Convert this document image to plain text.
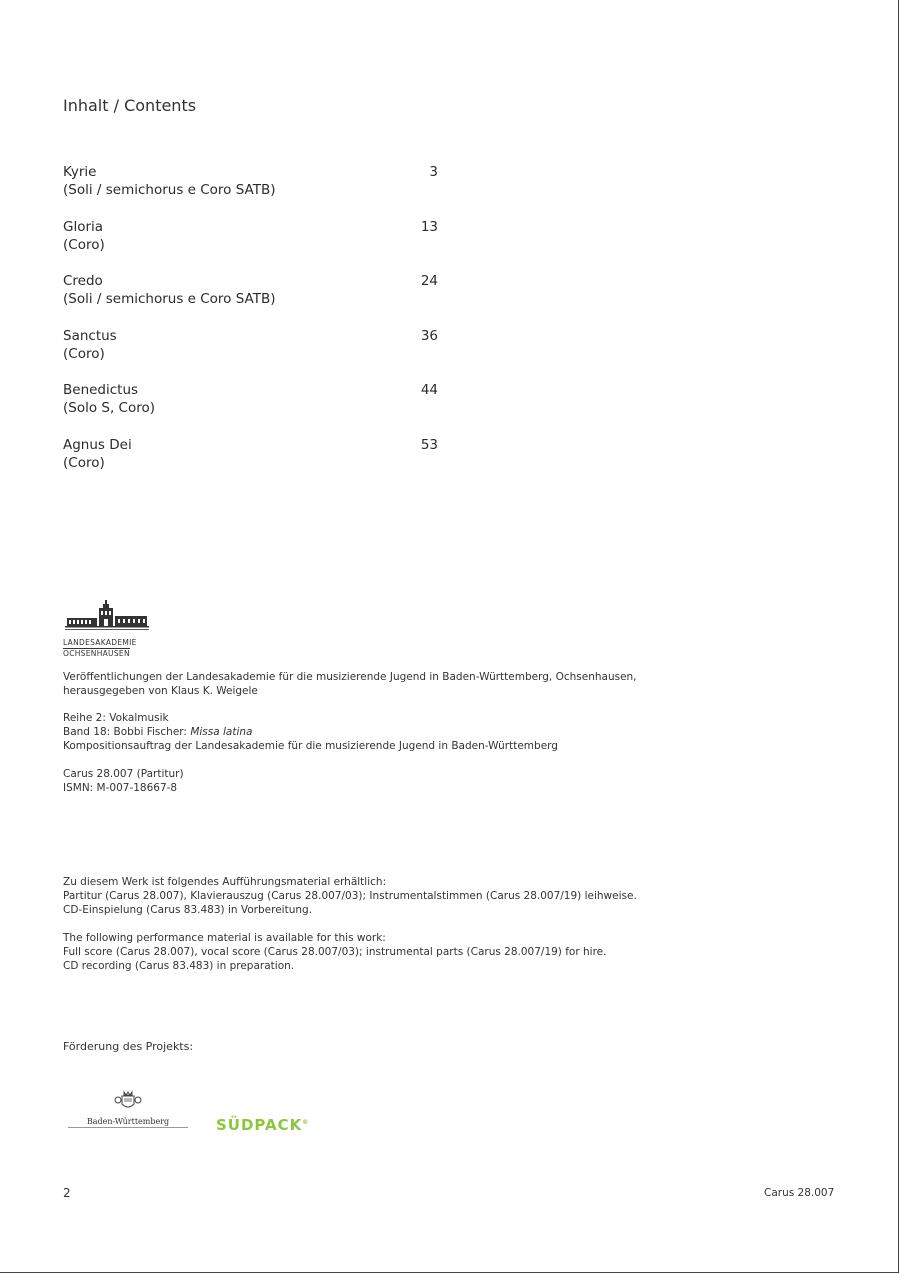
Inhalt / Contents
Kyrie
(Soli / semichorus e Coro SATB)
3
Gloria
(Coro)
13
Credo
(Soli / semichorus e Coro SATB)
24
Sanctus
(Coro)
36
Benedictus
(Solo S, Coro)
44
Agnus Dei
(Coro)
53
LANDESAKADEMIE
OCHSENHAUSEN
Veröffentlichungen der Landesakademie für die musizierende Jugend in Baden-Württemberg, Ochsenhausen,
herausgegeben von Klaus K. Weigele
Reihe 2: Vokalmusik
Band 18: Bobbi Fischer: Missa latina
Kompositionsauftrag der Landesakademie für die musizierende Jugend in Baden-Württemberg
Carus 28.007 (Partitur)
ISMN: M-007-18667-8
Zu diesem Werk ist folgendes Aufführungsmaterial erhältlich:
Partitur (Carus 28.007), Klavierauszug (Carus 28.007/03); Instrumentalstimmen (Carus 28.007/19) leihweise.
CD-Einspielung (Carus 83.483) in Vorbereitung.
The following performance material is available for this work:
Full score (Carus 28.007), vocal score (Carus 28.007/03); instrumental parts (Carus 28.007/19) for hire.
CD recording (Carus 83.483) in preparation.
Förderung des Projekts:
Baden-Württemberg	SÜDPACK®
2	Carus 28.007
